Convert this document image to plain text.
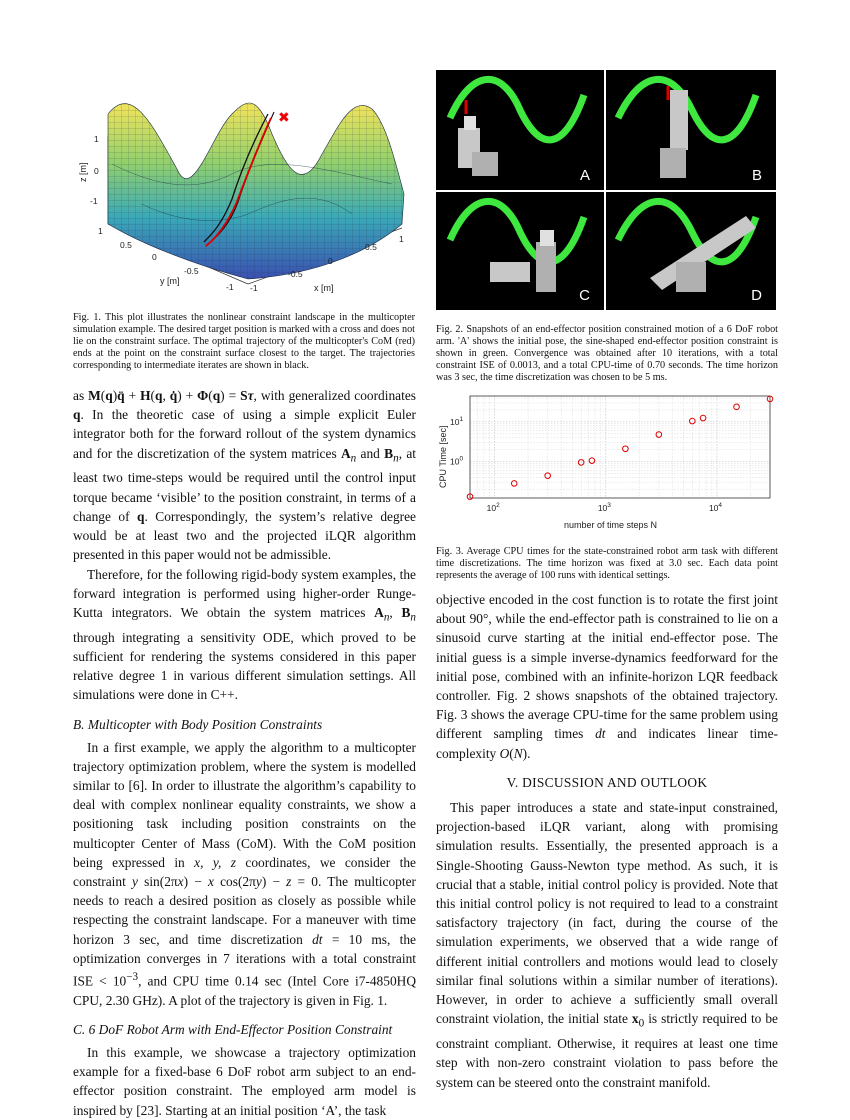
✖
1
0
-1
z [m]
1
0.5
0
-0.5
-1
y [m]
-1
-0.5
0
0.5
1
x [m]
Fig. 1. This plot illustrates the nonlinear constraint landscape in the multicopter simulation example. The desired target position is marked with a cross and does not lie on the constraint surface. The optimal trajectory of the multicopter's CoM (red) ends at the point on the constraint surface closest to the target. The trajectories corresponding to intermediate iterates are shown in black.
A	B
C	D
Fig. 2. Snapshots of an end-effector position constrained motion of a 6 DoF robot arm. 'A' shows the initial pose, the sine-shaped end-effector position constraint is shown in green. Convergence was obtained after 10 iterations, with a total constraint ISE of 0.0013, and a total CPU-time of 0.70 seconds. The time horizon was 3 sec, the time discretization was chosen to be 5 ms.
$10^2$	$10^3$	$10^4$
$10^0$
$10^1$
CPU Time [sec]
number of time steps N
Fig. 3. Average CPU times for the state-constrained robot arm task with different time discretizations. The time horizon was fixed at 3.0 sec. Each data point represents the average of 100 runs with identical settings.

as M(q)q̈ + H(q, q̇) + Φ(q) = Sτ, with generalized coordinates q. In the theoretic case of using a simple explicit Euler integrator both for the forward rollout of the system dynamics and for the discretization of the system matrices $A_n$ and $B_n$, at least two time-steps would be required until the control input torque became ‘visible’ to the position constraint, in terms of a change of q. Correspondingly, the system’s relative degree would be at least two and the projected iLQR algorithm presented in this paper would not be admissible.

Therefore, for the following rigid-body system examples, the forward integration is performed using higher-order Runge-Kutta integrators. We obtain the system matrices $A_n$, $B_n$ through integrating a sensitivity ODE, which proved to be sufficient for rendering the systems considered in this paper relative degree 1 in various different simulation settings. All simulations were done in C++.

B. Multicopter with Body Position Constraints

In a first example, we apply the algorithm to a multicopter trajectory optimization problem, where the system is modelled similar to [6]. In order to illustrate the algorithm’s capability to deal with complex nonlinear equality constraints, we show a positioning task including position constraints on the multicopter Center of Mass (CoM). With the CoM position being expressed in x, y, z coordinates, we consider the constraint y sin(2πx) − x cos(2πy) − z = 0. The multicopter needs to reach a desired position as closely as possible while respecting the constraint landscape. For a maneuver with time horizon 3 sec, and time discretization dt = 10 ms, the optimization converges in 7 iterations with a total constraint ISE < $10^{-3}$, and CPU time 0.14 sec (Intel Core i7-4850HQ CPU, 2.30 GHz). A plot of the trajectory is given in Fig. 1.

C. 6 DoF Robot Arm with End-Effector Position Constraint

In this example, we showcase a trajectory optimization example for a fixed-base 6 DoF robot arm subject to an end-effector position constraint. The employed arm model is inspired by [23]. Starting at an initial position ‘A’, the task

objective encoded in the cost function is to rotate the first joint about 90°, while the end-effector path is constrained to lie on a sinusoid curve starting at the initial end-effector pose. The initial guess is a simple inverse-dynamics feedforward for the initial pose, combined with an infinite-horizon LQR feedback controller. Fig. 2 shows snapshots of the obtained trajectory. Fig. 3 shows the average CPU-time for the same problem using different sampling times dt and indicates linear time-complexity O(N).

V. DISCUSSION AND OUTLOOK

This paper introduces a state and state-input constrained, projection-based iLQR variant, along with promising simulation results. Essentially, the presented approach is a Single-Shooting Gauss-Newton type method. As such, it is crucial that a stable, initial control policy is provided. Note that this initial control policy is not required to lead to a constraint satisfactory trajectory (in fact, during the course of the simulation experiments, we observed that a wide range of different initial controllers and motions would lead to closely similar final solutions within a similar number of iterations). However, in order to achieve a sufficiently small overall constraint violation, the initial state $x_0$ is strictly required to be constraint compliant. Otherwise, it requires at least one time step with non-zero constraint violation to pass before the system can be steered onto the constraint manifold.
